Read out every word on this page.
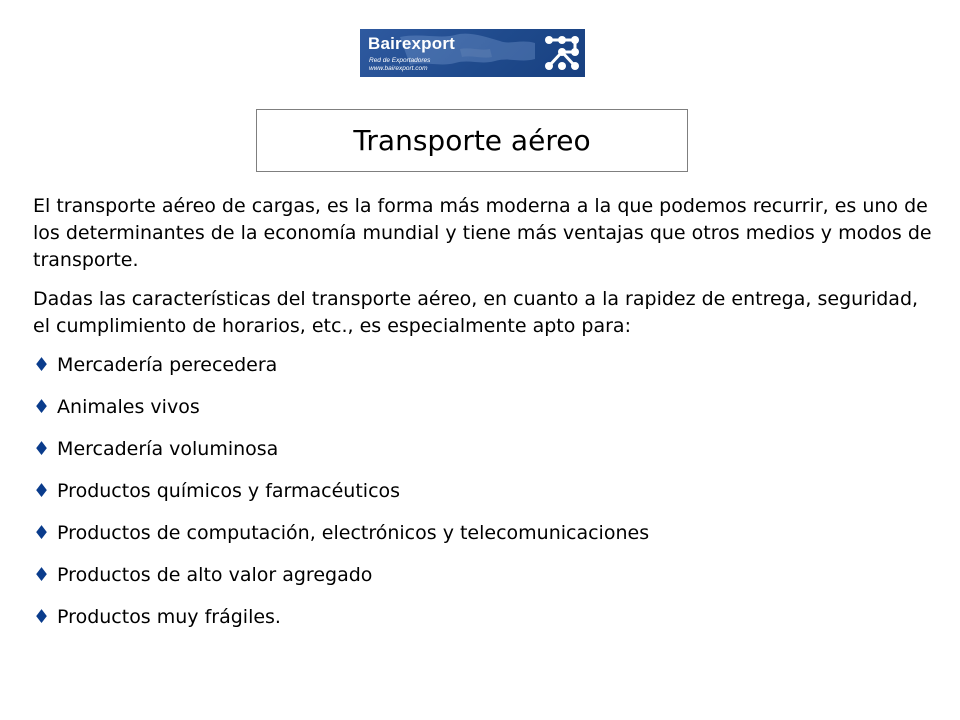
Bairexport
Red de Exportadores
www.bairexport.com
Transporte aéreo

El transporte aéreo de cargas, es la forma más moderna a la que podemos recurrir, es uno de los determinantes de la economía mundial y tiene más ventajas que otros medios y modos de transporte.

Dadas las características del transporte aéreo, en cuanto a la rapidez de entrega, seguridad, el cumplimiento de horarios, etc., es especialmente apto para:

♦ Mercadería perecedera
♦ Animales vivos
♦ Mercadería voluminosa
♦ Productos químicos y farmacéuticos
♦ Productos de computación, electrónicos y telecomunicaciones
♦ Productos de alto valor agregado
♦ Productos muy frágiles.
